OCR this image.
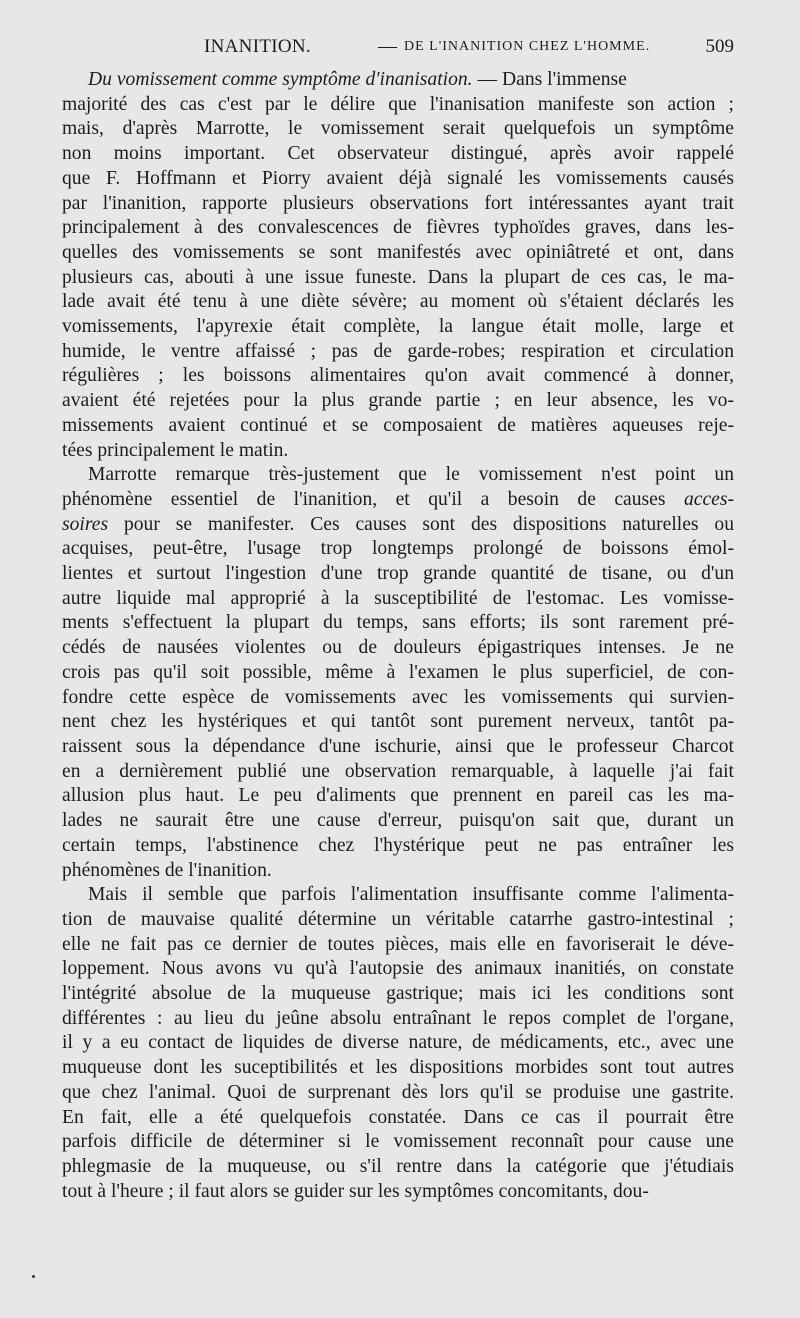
INANITION.	— DE L'INANITION CHEZ L'HOMME.	509

Du vomissement comme symptôme d'inanisation. — Dans l'immense
majorité des cas c'est par le délire que l'inanisation manifeste son action ;
mais, d'après Marrotte, le vomissement serait quelquefois un symptôme
non moins important. Cet observateur distingué, après avoir rappelé
que F. Hoffmann et Piorry avaient déjà signalé les vomissements causés
par l'inanition, rapporte plusieurs observations fort intéressantes ayant trait
principalement à des convalescences de fièvres typhoïdes graves, dans les-
quelles des vomissements se sont manifestés avec opiniâtreté et ont, dans
plusieurs cas, abouti à une issue funeste. Dans la plupart de ces cas, le ma-
lade avait été tenu à une diète sévère; au moment où s'étaient déclarés les
vomissements, l'apyrexie était complète, la langue était molle, large et
humide, le ventre affaissé ; pas de garde-robes; respiration et circulation
régulières ; les boissons alimentaires qu'on avait commencé à donner,
avaient été rejetées pour la plus grande partie ; en leur absence, les vo-
missements avaient continué et se composaient de matières aqueuses reje-
tées principalement le matin.

Marrotte remarque très-justement que le vomissement n'est point un
phénomène essentiel de l'inanition, et qu'il a besoin de causes acces-
soires pour se manifester. Ces causes sont des dispositions naturelles ou
acquises, peut-être, l'usage trop longtemps prolongé de boissons émol-
lientes et surtout l'ingestion d'une trop grande quantité de tisane, ou d'un
autre liquide mal approprié à la susceptibilité de l'estomac. Les vomisse-
ments s'effectuent la plupart du temps, sans efforts; ils sont rarement pré-
cédés de nausées violentes ou de douleurs épigastriques intenses. Je ne
crois pas qu'il soit possible, même à l'examen le plus superficiel, de con-
fondre cette espèce de vomissements avec les vomissements qui survien-
nent chez les hystériques et qui tantôt sont purement nerveux, tantôt pa-
raissent sous la dépendance d'une ischurie, ainsi que le professeur Charcot
en a dernièrement publié une observation remarquable, à laquelle j'ai fait
allusion plus haut. Le peu d'aliments que prennent en pareil cas les ma-
lades ne saurait être une cause d'erreur, puisqu'on sait que, durant un
certain temps, l'abstinence chez l'hystérique peut ne pas entraîner les
phénomènes de l'inanition.

Mais il semble que parfois l'alimentation insuffisante comme l'alimenta-
tion de mauvaise qualité détermine un véritable catarrhe gastro-intestinal ;
elle ne fait pas ce dernier de toutes pièces, mais elle en favoriserait le déve-
loppement. Nous avons vu qu'à l'autopsie des animaux inanitiés, on constate
l'intégrité absolue de la muqueuse gastrique; mais ici les conditions sont
différentes : au lieu du jeûne absolu entraînant le repos complet de l'organe,
il y a eu contact de liquides de diverse nature, de médicaments, etc., avec une
muqueuse dont les suceptibilités et les dispositions morbides sont tout autres
que chez l'animal. Quoi de surprenant dès lors qu'il se produise une gastrite.
En fait, elle a été quelquefois constatée. Dans ce cas il pourrait être
parfois difficile de déterminer si le vomissement reconnaît pour cause une
phlegmasie de la muqueuse, ou s'il rentre dans la catégorie que j'étudiais
tout à l'heure ; il faut alors se guider sur les symptômes concomitants, dou-
